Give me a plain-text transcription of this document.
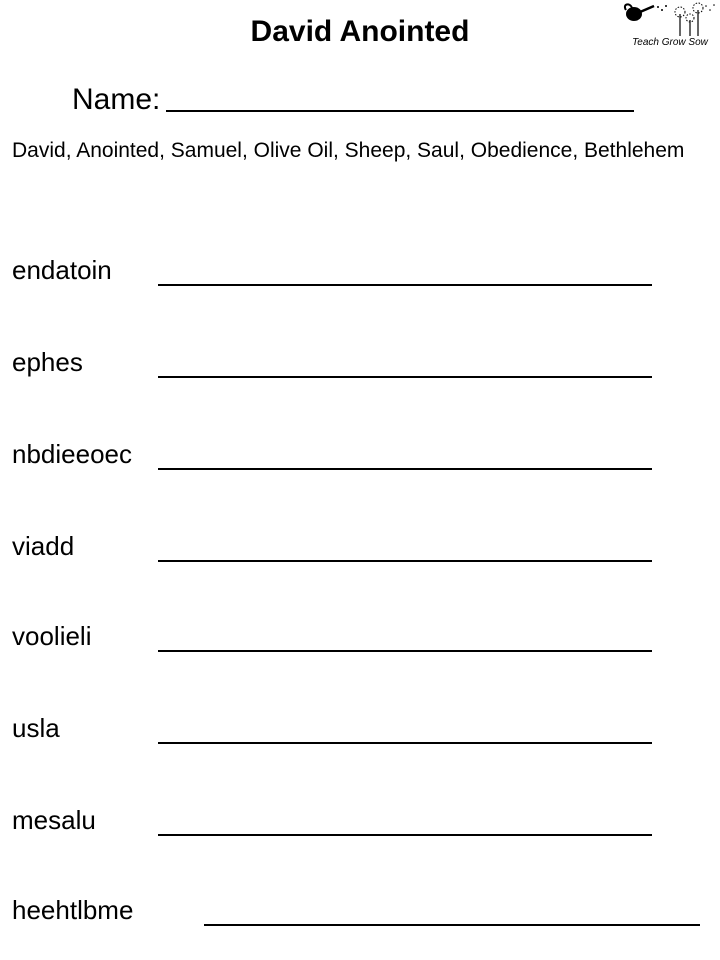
David Anointed	Teach Grow Sow
Name:
David, Anointed, Samuel, Olive Oil, Sheep, Saul, Obedience, Bethlehem
endatoin
ephes
nbdieeoec
viadd
voolieli
usla
mesalu
heehtlbme
